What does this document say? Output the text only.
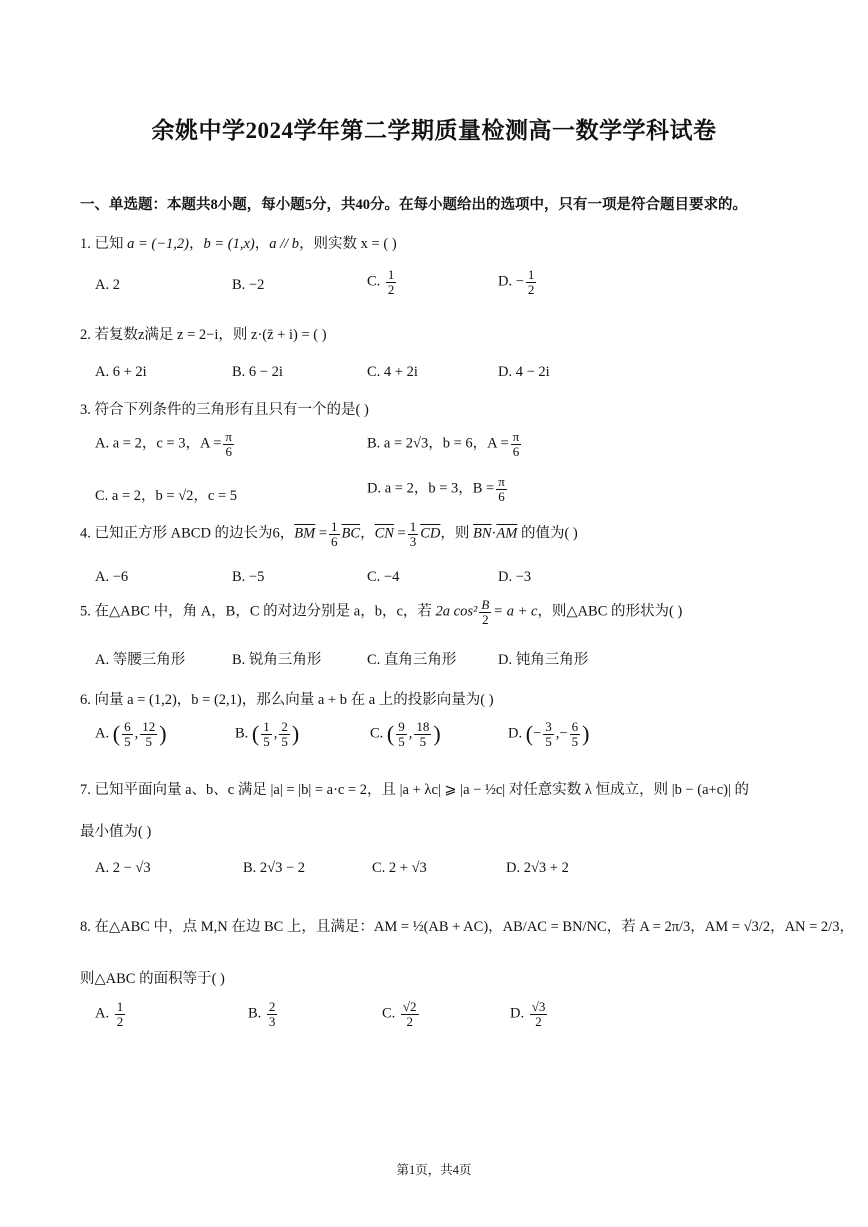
余姚中学2024学年第二学期质量检测高一数学学科试卷
一、单选题：本题共8小题，每小题5分，共40分。在每小题给出的选项中，只有一项是符合题目要求的。
1. 已知 a = (−1,2)，b = (1,x)，a // b，则实数 x = ( )
A. 2	B. −2	C. $\frac{1}{2}$	D. − $\frac{1}{2}$
2. 若复数z满足 z = 2−i，则 z·(z̄ + i) = ( )
A. 6 + 2i	B. 6 − 2i	C. 4 + 2i	D. 4 − 2i
3. 符合下列条件的三角形有且只有一个的是( )
A. a = 2，c = 3，$A = \frac{\pi}{6}$	B. a = 2√3，b = 6，$A = \frac{\pi}{6}$
C. a = 2，b = √2，c = 5	D. a = 2，b = 3，$B = \frac{\pi}{6}$
4. 已知正方形 ABCD 的边长为6，$\overline{BM} = \frac{1}{6} \overline{BC}$，$\overline{CN} = \frac{1}{3} \overline{CD}$，则 $\overline{BN}\cdot\overline{AM}$ 的值为( )
A. −6	B. −5	C. −4	D. −3
5. 在△ABC 中，角 A，B，C 的对边分别是 a，b，c，若 2a $\cos^2 \frac{B}{2} = a + c$，则△ABC 的形状为( )
A. 等腰三角形	B. 锐角三角形	C. 直角三角形	D. 钝角三角形
6. 向量 a = (1,2)，b = (2,1)，那么向量 a + b 在 a 上的投影向量为( )
A. ( $\frac{6}{5}$ , $\frac{12}{5}$ )	B. ( $\frac{1}{5}$ , $\frac{2}{5}$ )	C. ( $\frac{9}{5}$ , $\frac{18}{5}$ )	D. (− $\frac{3}{5}$ ,− $\frac{6}{5}$ )
7. 已知平面向量 a、b、c 满足 |a| = |b| = a·c = 2，且 |a + λc| ⩾ |a − ½c| 对任意实数 λ 恒成立，则 |b − (a+c)| 的
最小值为( )
A. 2 − √3	B. 2√3 − 2	C. 2 + √3	D. 2√3 + 2
8. 在△ABC 中，点 M,N 在边 BC 上，且满足：AM = ½(AB + AC)，AB/AC = BN/NC，若 A = 2π/3，AM = √3/2，AN = 2/3，
则△ABC 的面积等于( )
A. $\frac{1}{2}$	B. $\frac{2}{3}$	C. $\frac{√2}{2}$	D. $\frac{√3}{2}$
第1页，共4页
